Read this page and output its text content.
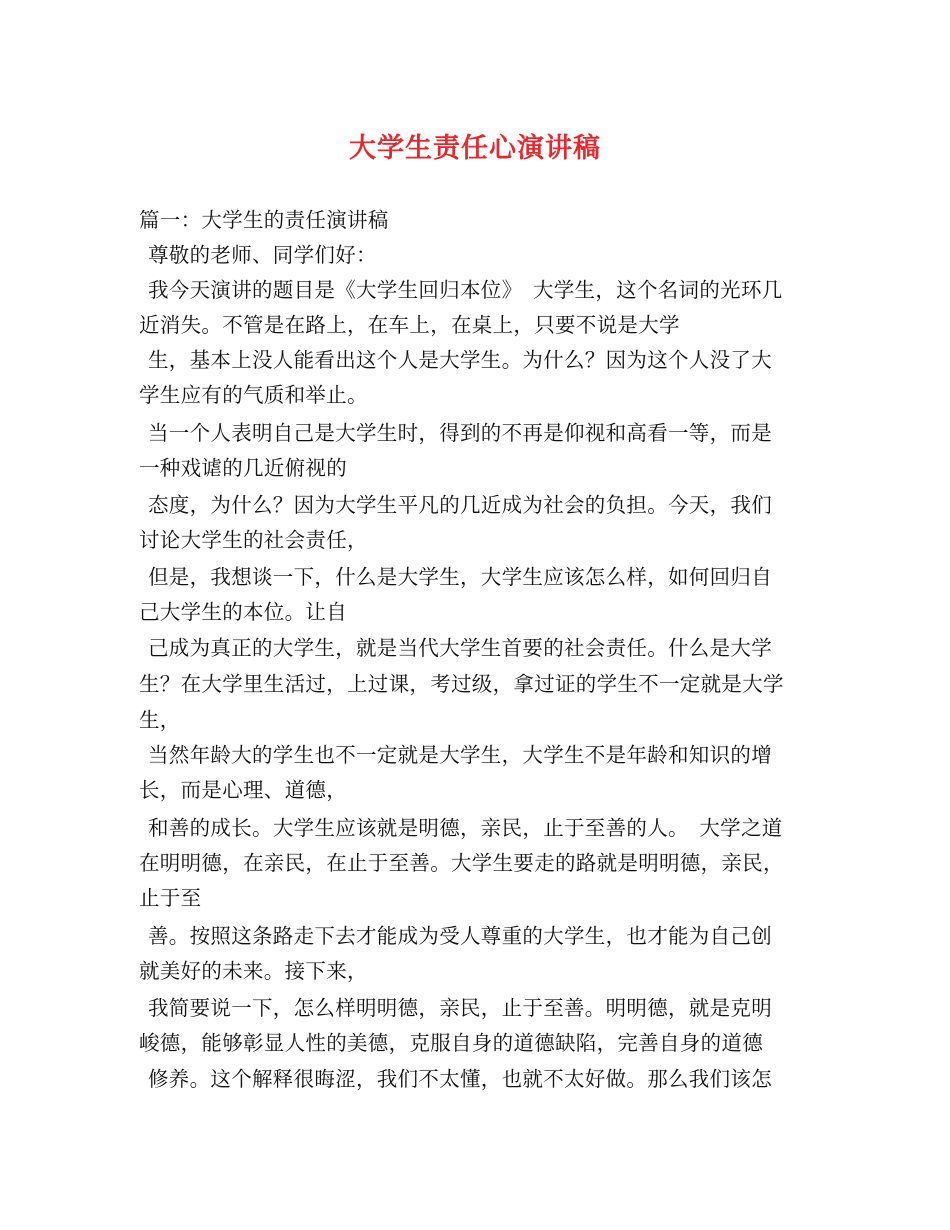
大学生责任心演讲稿
篇一：大学生的责任演讲稿
尊敬的老师、同学们好：
我今天演讲的题目是《大学生回归本位》　大学生，这个名词的光环几
近消失。不管是在路上，在车上，在桌上，只要不说是大学
生，基本上没人能看出这个人是大学生。为什么？因为这个人没了大
学生应有的气质和举止。
当一个人表明自己是大学生时，得到的不再是仰视和高看一等，而是
一种戏谑的几近俯视的
态度，为什么？因为大学生平凡的几近成为社会的负担。今天，我们
讨论大学生的社会责任，
但是，我想谈一下，什么是大学生，大学生应该怎么样，如何回归自
己大学生的本位。让自
己成为真正的大学生，就是当代大学生首要的社会责任。什么是大学
生？在大学里生活过，上过课，考过级，拿过证的学生不一定就是大学
生，
当然年龄大的学生也不一定就是大学生，大学生不是年龄和知识的增
长，而是心理、道德，
和善的成长。大学生应该就是明德，亲民，止于至善的人。　大学之道
在明明德，在亲民，在止于至善。大学生要走的路就是明明德，亲民，
止于至
善。按照这条路走下去才能成为受人尊重的大学生，也才能为自己创
就美好的未来。接下来，
我简要说一下，怎么样明明德，亲民，止于至善。明明德，就是克明
峻德，能够彰显人性的美德，克服自身的道德缺陷，完善自身的道德
修养。这个解释很晦涩，我们不太懂，也就不太好做。那么我们该怎
